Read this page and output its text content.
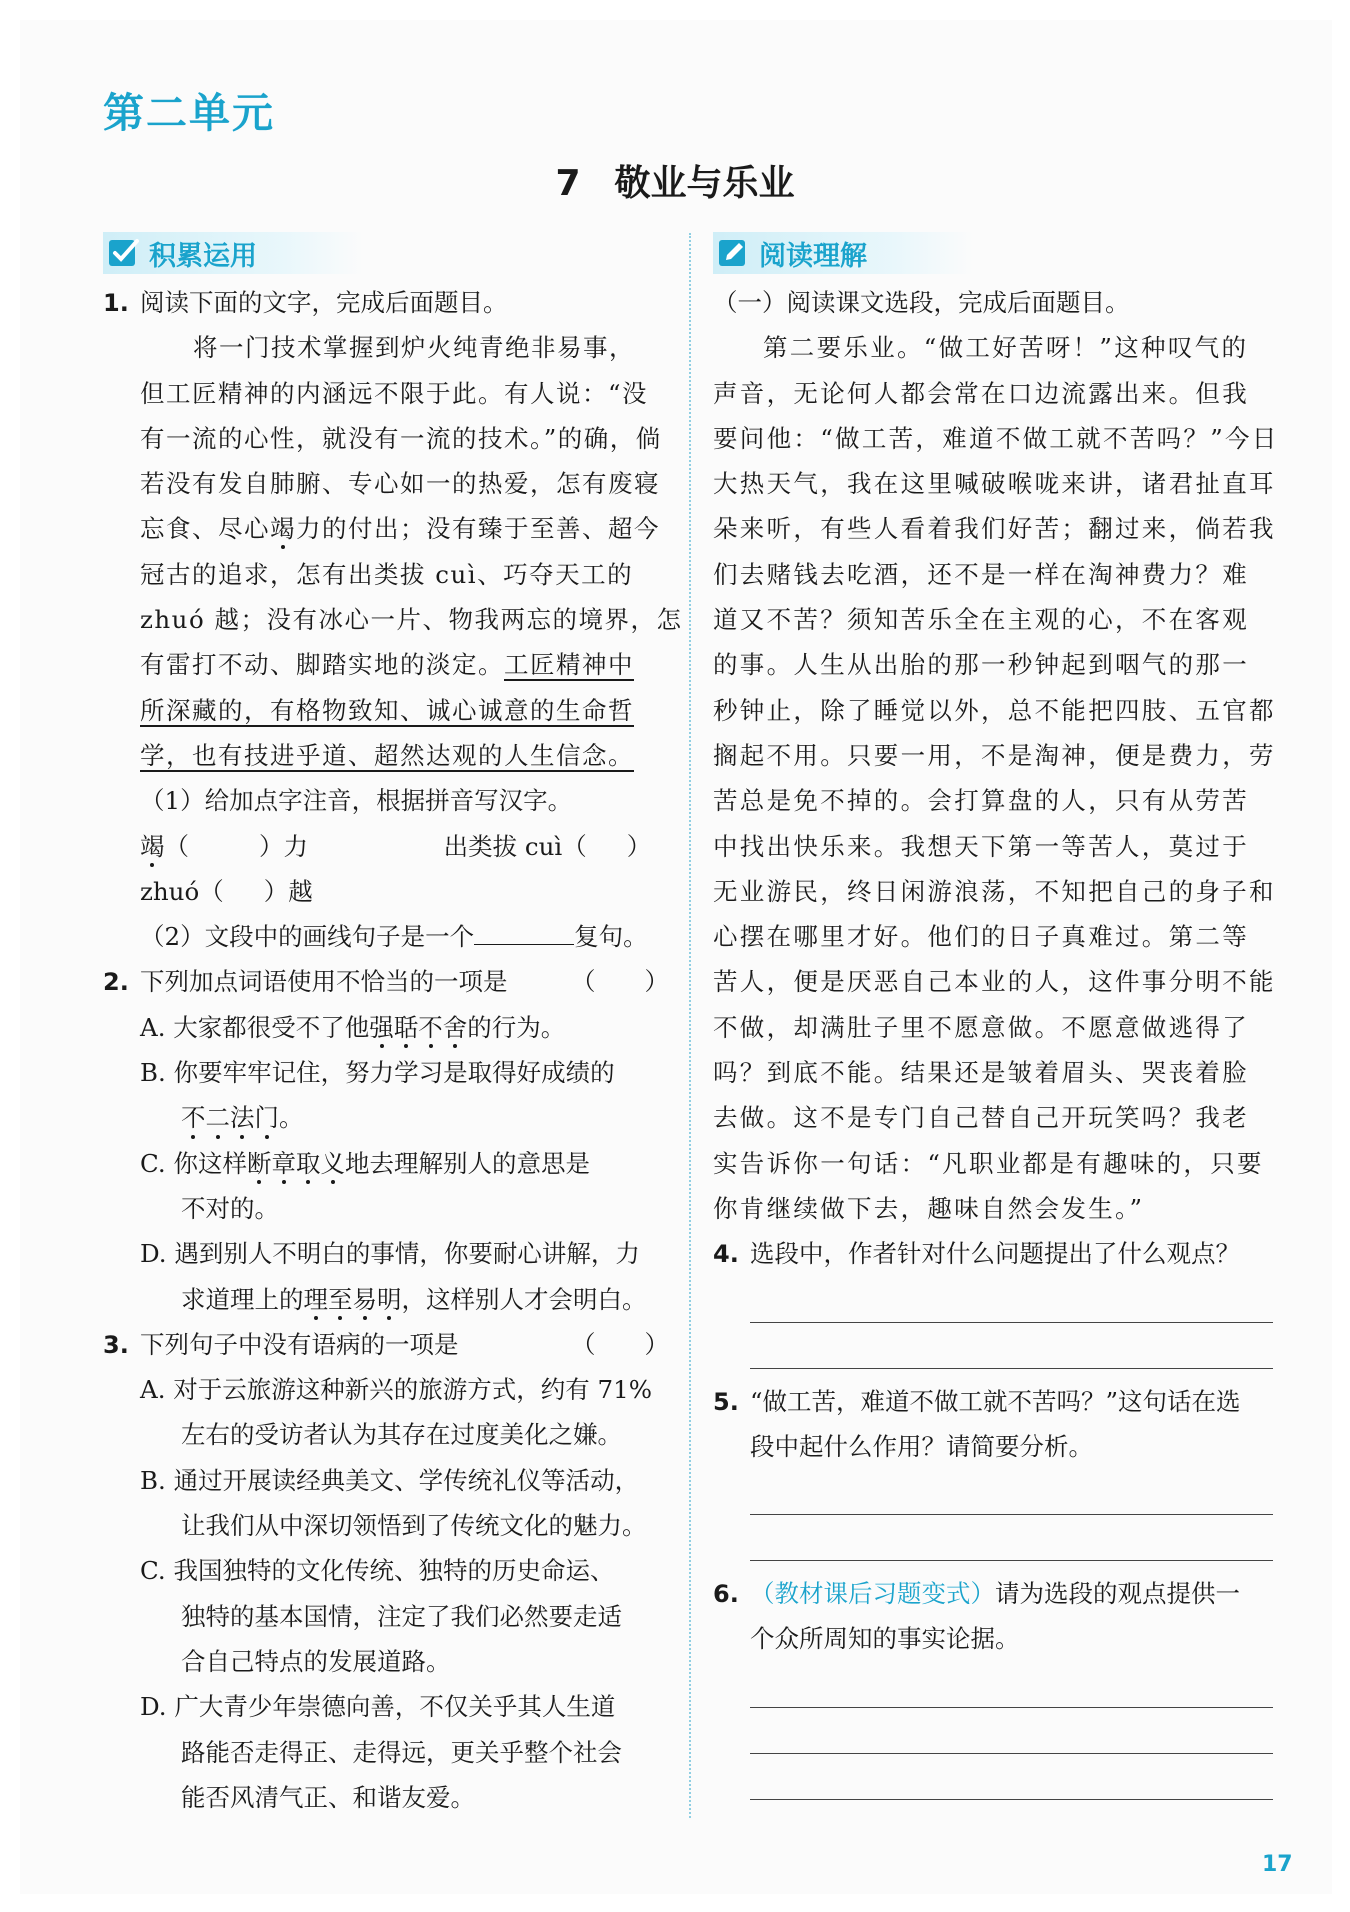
第二单元
7 敬业与乐业
积累运用
1. 阅读下面的文字，完成后面题目。
将一门技术掌握到炉火纯青绝非易事，
但工匠精神的内涵远不限于此。有人说：“没
有一流的心性，就没有一流的技术。”的确，倘
若没有发自肺腑、专心如一的热爱，怎有废寝
忘食、尽心竭力的付出；没有臻于至善、超今
冠古的追求，怎有出类拔 cuì、巧夺天工的
zhuó 越；没有冰心一片、物我两忘的境界，怎
有雷打不动、脚踏实地的淡定。工匠精神中
所深藏的，有格物致知、诚心诚意的生命哲
学，也有技进乎道、超然达观的人生信念。
（1）给加点字注音，根据拼音写汉字。
竭（	）力	出类拔 cuì（ ）
zhuó（ ）越
（2）文段中的画线句子是一个	复句。
2. 下列加点词语使用不恰当的一项是	（　　）
A. 大家都很受不了他强聒不舍的行为。
B. 你要牢牢记住，努力学习是取得好成绩的
不二法门。
C. 你这样断章取义地去理解别人的意思是
不对的。
D. 遇到别人不明白的事情，你要耐心讲解，力
求道理上的理至易明，这样别人才会明白。
3. 下列句子中没有语病的一项是	（　　）
A. 对于云旅游这种新兴的旅游方式，约有 71%
左右的受访者认为其存在过度美化之嫌。
B. 通过开展读经典美文、学传统礼仪等活动，
让我们从中深切领悟到了传统文化的魅力。
C. 我国独特的文化传统、独特的历史命运、
独特的基本国情，注定了我们必然要走适
合自己特点的发展道路。
D. 广大青少年崇德向善，不仅关乎其人生道
路能否走得正、走得远，更关乎整个社会
能否风清气正、和谐友爱。
阅读理解
（一）阅读课文选段，完成后面题目。
第二要乐业。“做工好苦呀！”这种叹气的
声音，无论何人都会常在口边流露出来。但我
要问他：“做工苦，难道不做工就不苦吗？”今日
大热天气，我在这里喊破喉咙来讲，诸君扯直耳
朵来听，有些人看着我们好苦；翻过来，倘若我
们去赌钱去吃酒，还不是一样在淘神费力？难
道又不苦？须知苦乐全在主观的心，不在客观
的事。人生从出胎的那一秒钟起到咽气的那一
秒钟止，除了睡觉以外，总不能把四肢、五官都
搁起不用。只要一用，不是淘神，便是费力，劳
苦总是免不掉的。会打算盘的人，只有从劳苦
中找出快乐来。我想天下第一等苦人，莫过于
无业游民，终日闲游浪荡，不知把自己的身子和
心摆在哪里才好。他们的日子真难过。第二等
苦人，便是厌恶自己本业的人，这件事分明不能
不做，却满肚子里不愿意做。不愿意做逃得了
吗？到底不能。结果还是皱着眉头、哭丧着脸
去做。这不是专门自己替自己开玩笑吗？我老
实告诉你一句话：“凡职业都是有趣味的，只要
你肯继续做下去，趣味自然会发生。”
4. 选段中，作者针对什么问题提出了什么观点？
5. “做工苦，难道不做工就不苦吗？”这句话在选
段中起什么作用？请简要分析。
6. （教材课后习题变式）请为选段的观点提供一
个众所周知的事实论据。
17
